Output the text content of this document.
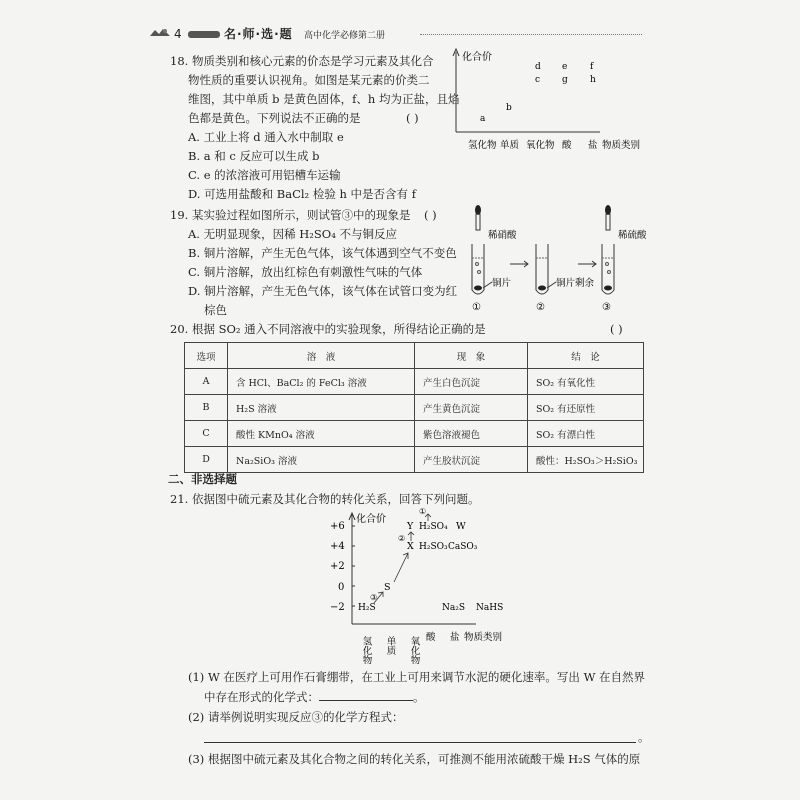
4	名·师·选·题 高中化学必修第二册
18. 物质类别和核心元素的价态是学习元素及其化合
物性质的重要认识视角。如图是某元素的价类二
维图，其中单质 b 是黄色固体，f、h 均为正盐，且焰
色都是黄色。下列说法不正确的是	( )
A. 工业上将 d 通入水中制取 e
B. a 和 c 反应可以生成 b
C. e 的浓溶液可用铝槽车运输
D. 可选用盐酸和 BaCl₂ 检验 h 中是否含有 f
化合价
a
b
c
d e	f
g h
氢化物 单质 氧化物 酸 盐 物质类别
19. 某实验过程如图所示，则试管③中的现象是 ( )
A. 无明显现象，因稀 H₂SO₄ 不与铜反应
B. 铜片溶解，产生无色气体，该气体遇到空气不变色
C. 铜片溶解，放出红棕色有刺激性气味的气体
D. 铜片溶解，产生无色气体，该气体在试管口变为红
棕色
稀硝酸
铜片
①
铜片剩余
②
稀硫酸
③
20. 根据 SO₂ 通入不同溶液中的实验现象，所得结论正确的是	( )
选项	溶　液	现　象	结　论
A	含 HCl、BaCl₂ 的 FeCl₃ 溶液	产生白色沉淀	SO₂ 有氧化性
B	H₂S 溶液	产生黄色沉淀	SO₂ 有还原性
C	酸性 KMnO₄ 溶液	紫色溶液褪色	SO₂ 有漂白性
D	Na₂SiO₃ 溶液	产生胶状沉淀	酸性：H₂SO₃＞H₂SiO₃
二、非选择题
21. 依据图中硫元素及其化合物的转化关系，回答下列问题。
化合价
+6
+4
+2
0
−2
Y H₂SO₄ W
X H₂SO₃ CaSO₃
S
H₂S	Na₂S NaHS
①
②
③
氢化物 单质 氧化物 酸 盐 物质类别
(1) W 在医疗上可用作石膏绷带，在工业上可用来调节水泥的硬化速率。写出 W 在自然界
中存在形式的化学式：	。
(2) 请举例说明实现反应③的化学方程式：
。
(3) 根据图中硫元素及其化合物之间的转化关系，可推测不能用浓硫酸干燥 H₂S 气体的原
